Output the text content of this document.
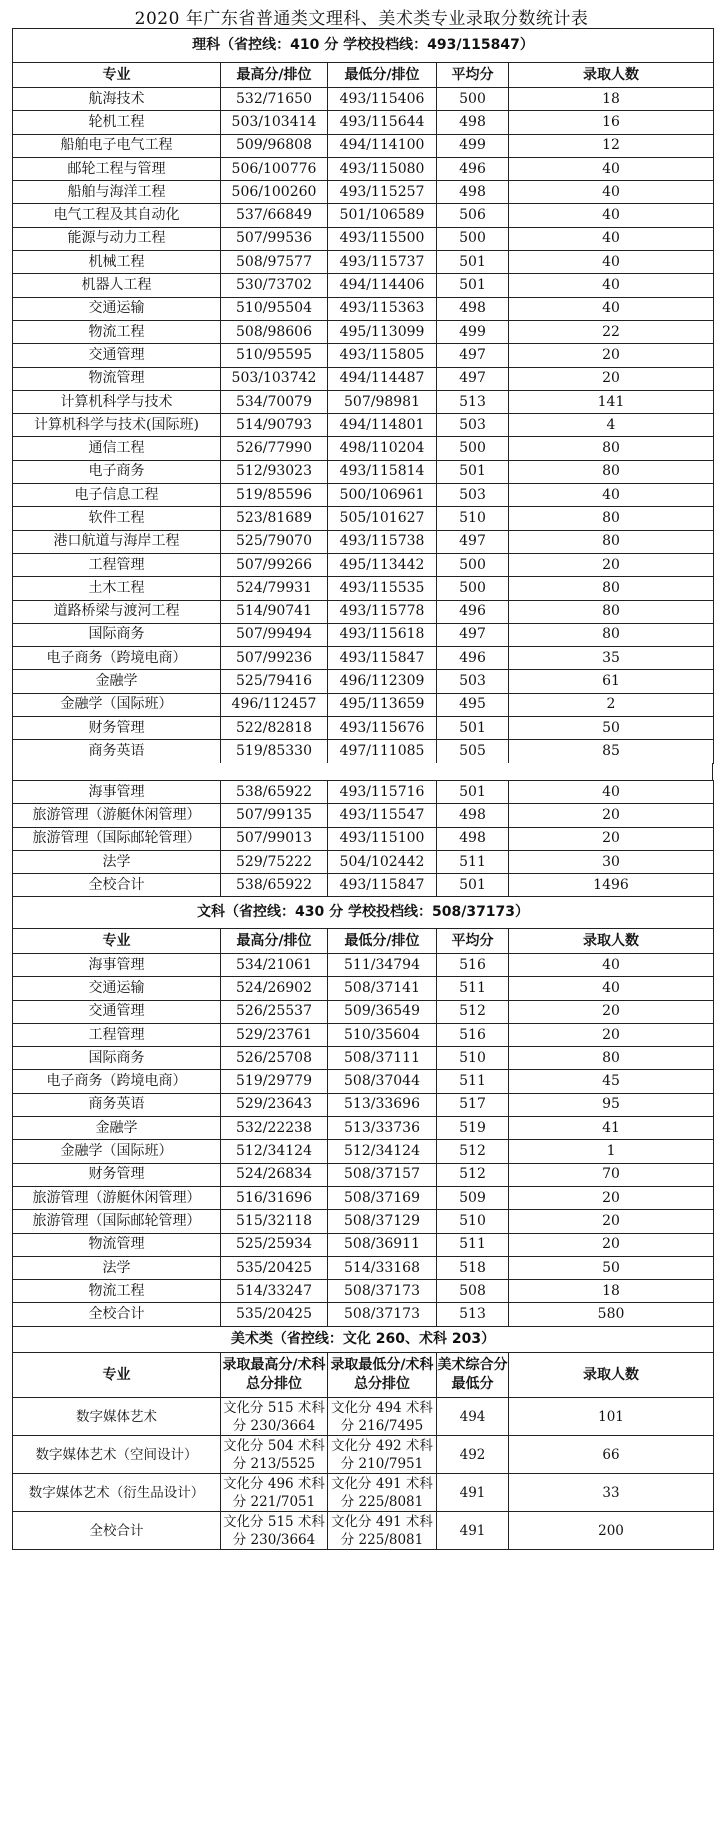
2020 年广东省普通类文理科、美术类专业录取分数统计表
理科（省控线：410 分 学校投档线：493/115847）				
专业	最高分/排位	最低分/排位	平均分	录取人数
航海技术	532/71650	493/115406	500	18
轮机工程	503/103414	493/115644	498	16
船舶电子电气工程	509/96808	494/114100	499	12
邮轮工程与管理	506/100776	493/115080	496	40
船舶与海洋工程	506/100260	493/115257	498	40
电气工程及其自动化	537/66849	501/106589	506	40
能源与动力工程	507/99536	493/115500	500	40
机械工程	508/97577	493/115737	501	40
机器人工程	530/73702	494/114406	501	40
交通运输	510/95504	493/115363	498	40
物流工程	508/98606	495/113099	499	22
交通管理	510/95595	493/115805	497	20
物流管理	503/103742	494/114487	497	20
计算机科学与技术	534/70079	507/98981	513	141
计算机科学与技术(国际班)	514/90793	494/114801	503	4
通信工程	526/77990	498/110204	500	80
电子商务	512/93023	493/115814	501	80
电子信息工程	519/85596	500/106961	503	40
软件工程	523/81689	505/101627	510	80
港口航道与海岸工程	525/79070	493/115738	497	80
工程管理	507/99266	495/113442	500	20
土木工程	524/79931	493/115535	500	80
道路桥梁与渡河工程	514/90741	493/115778	496	80
国际商务	507/99494	493/115618	497	80
电子商务（跨境电商）	507/99236	493/115847	496	35
金融学	525/79416	496/112309	503	61
金融学（国际班）	496/112457	495/113659	495	2
财务管理	522/82818	493/115676	501	50
商务英语	519/85330	497/111085	505	85
海事管理	538/65922	493/115716	501	40
旅游管理（游艇休闲管理）	507/99135	493/115547	498	20
旅游管理（国际邮轮管理）	507/99013	493/115100	498	20
法学	529/75222	504/102442	511	30
全校合计	538/65922	493/115847	501	1496
文科（省控线：430 分 学校投档线：508/37173）				
专业	最高分/排位	最低分/排位	平均分	录取人数
海事管理	534/21061	511/34794	516	40
交通运输	524/26902	508/37141	511	40
交通管理	526/25537	509/36549	512	20
工程管理	529/23761	510/35604	516	20
国际商务	526/25708	508/37111	510	80
电子商务（跨境电商）	519/29779	508/37044	511	45
商务英语	529/23643	513/33696	517	95
金融学	532/22238	513/33736	519	41
金融学（国际班）	512/34124	512/34124	512	1
财务管理	524/26834	508/37157	512	70
旅游管理（游艇休闲管理）	516/31696	508/37169	509	20
旅游管理（国际邮轮管理）	515/32118	508/37129	510	20
物流管理	525/25934	508/36911	511	20
法学	535/20425	514/33168	518	50
物流工程	514/33247	508/37173	508	18
全校合计	535/20425	508/37173	513	580
美术类（省控线：文化 260、术科 203）				
专业	录取最高分/术科总分排位	录取最低分/术科总分排位	美术综合分最低分	录取人数
数字媒体艺术	文化分 515 术科分 230/3664	文化分 494 术科分 216/7495	494	101
数字媒体艺术（空间设计）	文化分 504 术科分 213/5525	文化分 492 术科分 210/7951	492	66
数字媒体艺术（衍生品设计）	文化分 496 术科分 221/7051	文化分 491 术科分 225/8081	491	33
全校合计	文化分 515 术科分 230/3664	文化分 491 术科分 225/8081	491	200
